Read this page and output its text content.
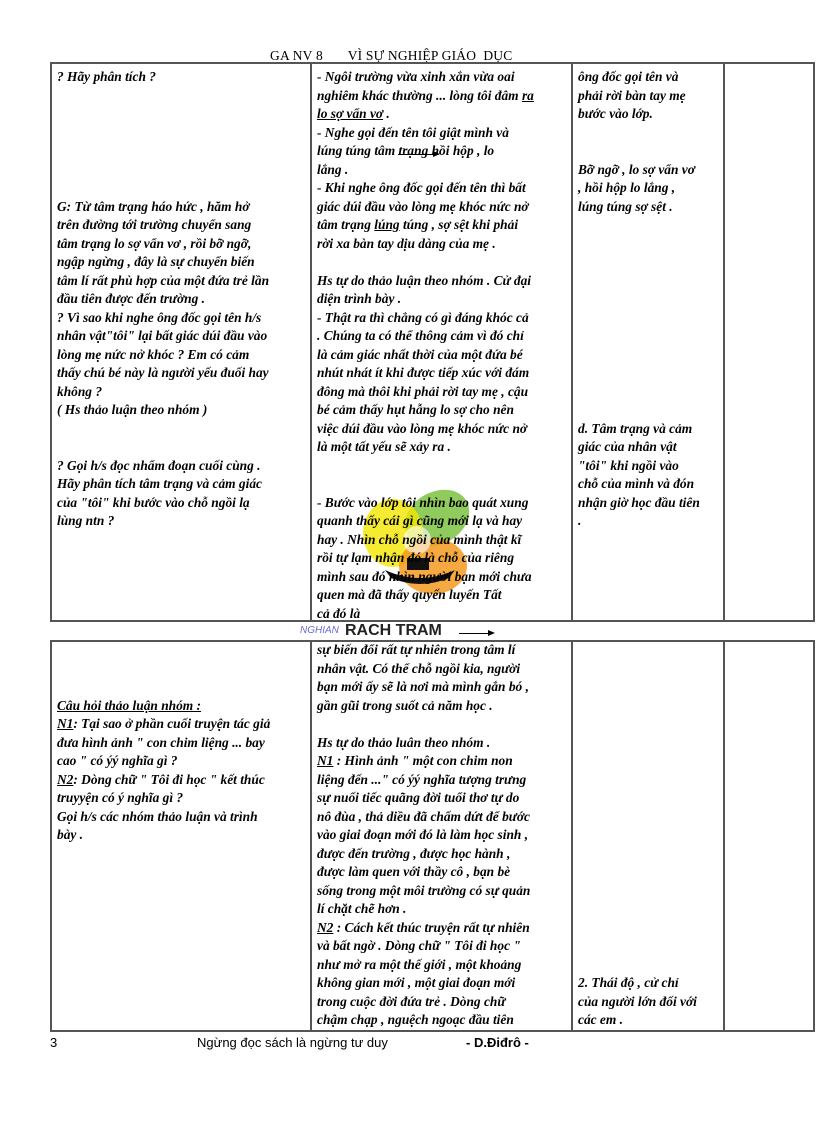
GA NV 8       VÌ SỰ NGHIỆP GIÁO  DỤC
? Hãy phân tích ?
G: Từ tâm trạng háo hức , hăm hở
trên đường tới trường chuyển sang
tâm trạng lo sợ vẩn vơ , rồi bỡ ngỡ,
ngập ngừng , đây là sự chuyển biến
tâm lí rất phù hợp của một đứa trẻ lần
đầu tiên được đến trường .
? Vì sao khi nghe ông đốc gọi tên h/s
nhân vật"tôi" lại bất giác dúi đầu vào
lòng mẹ nức nở khóc ? Em có cảm
thấy chú bé này là người yếu đuối hay
không ?
( Hs thảo luận theo nhóm )
? Gọi h/s đọc nhẩm đoạn cuối cùng .
Hãy phân tích tâm trạng và cảm giác
của "tôi" khi bước vào chỗ ngồi lạ
lùng ntn ?
- Ngôi trường vừa xinh xắn vừa oai
nghiêm khác thường ... lòng tôi đâm ra
lo sợ vẩn vơ .
- Nghe gọi đến tên tôi giật mình và
lúng túng tâm trạng hồi hộp , lo
lắng .
- Khi nghe ông đốc gọi đến tên thì bất
giác dúi đầu vào lòng mẹ khóc nức nở
tâm trạng lúng túng , sợ sệt khi phải
rời xa bàn tay dịu dàng của mẹ .
Hs tự do thảo luận theo nhóm . Cử đại
diện trình bày .
- Thật ra thì chẳng có gì đáng khóc cả
. Chúng ta có thể thông cảm vì đó chỉ
là cảm giác nhất thời của một đứa bé
nhút nhát ít khi được tiếp xúc với đám
đông mà thôi khi phải rời tay mẹ , cậu
bé cảm thấy hụt hẫng lo sợ cho nên
việc dúi đầu vào lòng mẹ khóc nức nở
là một tất yếu sẽ xảy ra .
- Bước vào lớp tôi nhìn bao quát xung
quanh thấy cái gì cũng mới lạ và hay
hay . Nhìn chỗ ngồi của mình thật kĩ
rồi tự lạm nhận đó là chỗ của riêng
mình sau đó nhìn người bạn mới chưa
quen mà đã thấy quyến luyến Tất
cả đó là
ông đốc gọi tên và
phải rời bàn tay mẹ
bước vào lớp.
Bỡ ngỡ , lo sợ vẩn vơ
, hồi hộp lo lắng ,
lúng túng sợ sệt .
d. Tâm trạng và cảm
giác của nhân vật
"tôi" khi ngồi vào
chỗ của mình và đón
nhận giờ học đầu tiên
.
Câu hỏi thảo luận nhóm :
N1: Tại sao ở phần cuối truyện tác giả
đưa hình ảnh " con chim liệng ... bay
cao " có ýý nghĩa gì ?
N2: Dòng chữ " Tôi đi học " kết thúc
truyyện có ý nghĩa gì ?
Gọi h/s các nhóm thảo luận và trình
bày .
sự biến đổi rất tự nhiên trong tâm lí
nhân vật. Có thể chỗ ngồi kia, người
bạn mới ấy sẽ là nơi mà mình gắn bó ,
gần gũi trong suốt cả năm học .
Hs tự do thảo luân theo nhóm .
N1 : Hình ảnh " một con chim non
liệng đến ..." có ýý nghĩa tượng trưng
sự nuối tiếc quãng đời tuổi thơ tự do
nô đùa , thả diều đã chấm dứt để bước
vào giai đoạn mới đó là làm học sinh ,
được đến trường , được học hành ,
được làm quen với thầy cô , bạn bè
sống trong một môi trường có sự quản
lí chặt chẽ hơn .
N2 : Cách kết thúc truyện rất tự nhiên
và bất ngờ . Dòng chữ " Tôi đi học "
như mở ra một thế giới , một khoảng
không gian mới , một giai đoạn mới
trong cuộc đời đứa trẻ . Dòng chữ
chậm chạp , nguệch ngoạc đầu tiên
2. Thái độ , cử chỉ
của người lớn đối với
các em .
NGHIAN RACH TRAM
3	Ngừng đọc sách là ngừng tư duy	- D.Điđrô -
